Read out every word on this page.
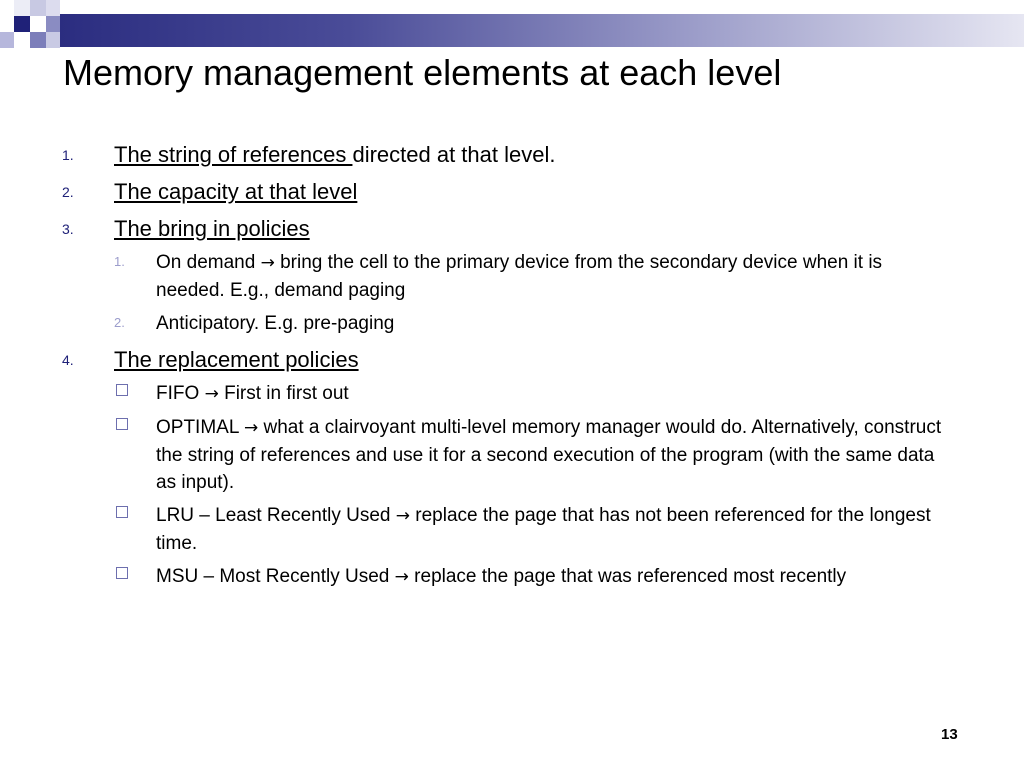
Memory management elements at each level
1. The string of references directed at that level.
2. The capacity at that level
3. The bring in policies
1. On demand → bring the cell to the primary device from the secondary device when it is needed. E.g., demand paging
2. Anticipatory. E.g. pre-paging
4. The replacement policies
FIFO → First in first out
OPTIMAL → what a clairvoyant multi-level memory manager would do. Alternatively, construct the string of references and use it for a second execution of the program (with the same data as input).
LRU – Least Recently Used → replace the page that has not been referenced for the longest time.
MSU – Most Recently Used → replace the page that was referenced most recently
13
